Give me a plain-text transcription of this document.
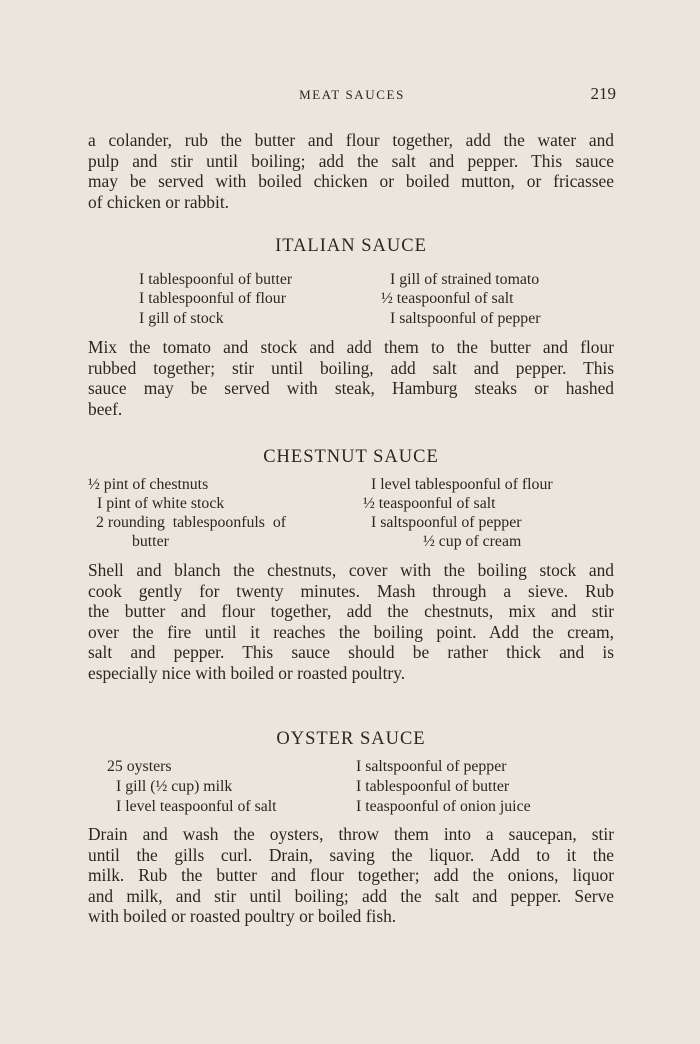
MEAT SAUCES	219

a colander, rub the butter and flour together, add the water and
pulp and stir until boiling; add the salt and pepper. This sauce
may be served with boiled chicken or boiled mutton, or fricassee
of chicken or rabbit.

ITALIAN SAUCE
I tablespoonful of butter
I tablespoonful of flour
I gill of stock
I gill of strained tomato
½ teaspoonful of salt
I saltspoonful of pepper

Mix the tomato and stock and add them to the butter and flour
rubbed together; stir until boiling, add salt and pepper. This
sauce may be served with steak, Hamburg steaks or hashed
beef.

CHESTNUT SAUCE
½ pint of chestnuts
I pint of white stock
2 rounding  tablespoonfuls  of
butter
I level tablespoonful of flour
½ teaspoonful of salt
I saltspoonful of pepper
½ cup of cream

Shell and blanch the chestnuts, cover with the boiling stock and
cook gently for twenty minutes. Mash through a sieve. Rub
the butter and flour together, add the chestnuts, mix and stir
over the fire until it reaches the boiling point. Add the cream,
salt and pepper. This sauce should be rather thick and is
especially nice with boiled or roasted poultry.

OYSTER SAUCE
25 oysters
I gill (½ cup) milk
I level teaspoonful of salt
I saltspoonful of pepper
I tablespoonful of butter
I teaspoonful of onion juice

Drain and wash the oysters, throw them into a saucepan, stir
until the gills curl. Drain, saving the liquor. Add to it the
milk. Rub the butter and flour together; add the onions, liquor
and milk, and stir until boiling; add the salt and pepper. Serve
with boiled or roasted poultry or boiled fish.
